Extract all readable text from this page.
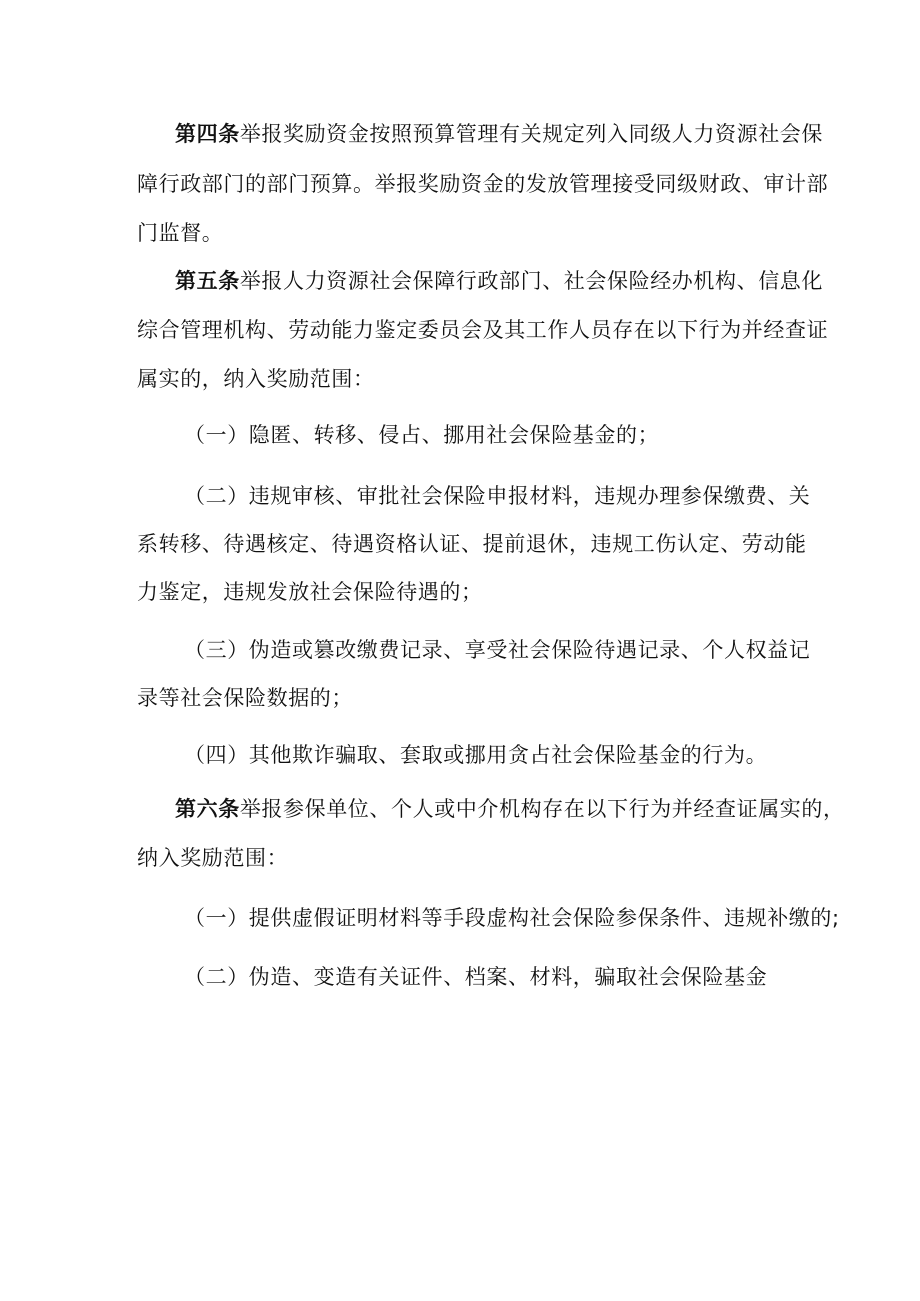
第四条举报奖励资金按照预算管理有关规定列入同级人力资源社会保
障行政部门的部门预算。举报奖励资金的发放管理接受同级财政、审计部
门监督。
第五条举报人力资源社会保障行政部门、社会保险经办机构、信息化
综合管理机构、劳动能力鉴定委员会及其工作人员存在以下行为并经查证
属实的，纳入奖励范围：
（一）隐匿、转移、侵占、挪用社会保险基金的；
（二）违规审核、审批社会保险申报材料，违规办理参保缴费、关
系转移、待遇核定、待遇资格认证、提前退休，违规工伤认定、劳动能
力鉴定，违规发放社会保险待遇的；
（三）伪造或篡改缴费记录、享受社会保险待遇记录、个人权益记
录等社会保险数据的；
（四）其他欺诈骗取、套取或挪用贪占社会保险基金的行为。
第六条举报参保单位、个人或中介机构存在以下行为并经查证属实的，
纳入奖励范围：
（一）提供虚假证明材料等手段虚构社会保险参保条件、违规补缴的;
（二）伪造、变造有关证件、档案、材料，骗取社会保险基金
